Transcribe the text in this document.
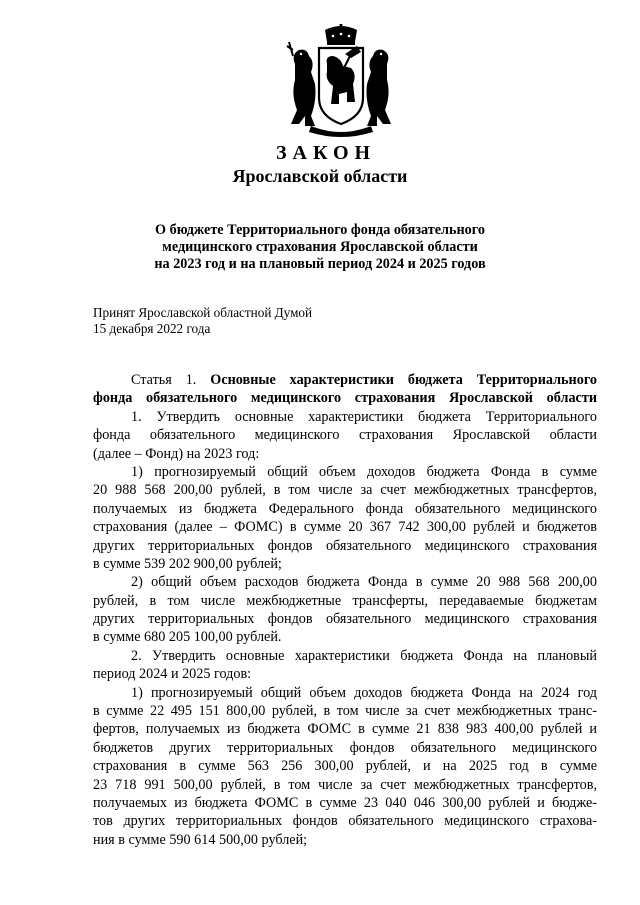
ЗАКОН
Ярославской области
О бюджете Территориального фонда обязательного
медицинского страхования Ярославской области
на 2023 год и на плановый период 2024 и 2025 годов
Принят Ярославской областной Думой
15 декабря 2022 года
Статья 1. Основные характеристики бюджета Территориального
фонда обязательного медицинского страхования Ярославской области
1. Утвердить основные характеристики бюджета Территориального
фонда обязательного медицинского страхования Ярославской области
(далее – Фонд) на 2023 год:
1) прогнозируемый общий объем доходов бюджета Фонда в сумме
20 988 568 200,00 рублей, в том числе за счет межбюджетных трансфертов,
получаемых из бюджета Федерального фонда обязательного медицинского
страхования (далее – ФОМС) в сумме 20 367 742 300,00 рублей и бюджетов
других территориальных фондов обязательного медицинского страхования
в сумме 539 202 900,00 рублей;
2) общий объем расходов бюджета Фонда в сумме 20 988 568 200,00
рублей, в том числе межбюджетные трансферты, передаваемые бюджетам
других территориальных фондов обязательного медицинского страхования
в сумме 680 205 100,00 рублей.
2. Утвердить основные характеристики бюджета Фонда на плановый
период 2024 и 2025 годов:
1) прогнозируемый общий объем доходов бюджета Фонда на 2024 год
в сумме 22 495 151 800,00 рублей, в том числе за счет межбюджетных транс-
фертов, получаемых из бюджета ФОМС в сумме 21 838 983 400,00 рублей и
бюджетов других территориальных фондов обязательного медицинского
страхования в сумме 563 256 300,00 рублей, и на 2025 год в сумме
23 718 991 500,00 рублей, в том числе за счет межбюджетных трансфертов,
получаемых из бюджета ФОМС в сумме 23 040 046 300,00 рублей и бюдже-
тов других территориальных фондов обязательного медицинского страхова-
ния в сумме 590 614 500,00 рублей;
